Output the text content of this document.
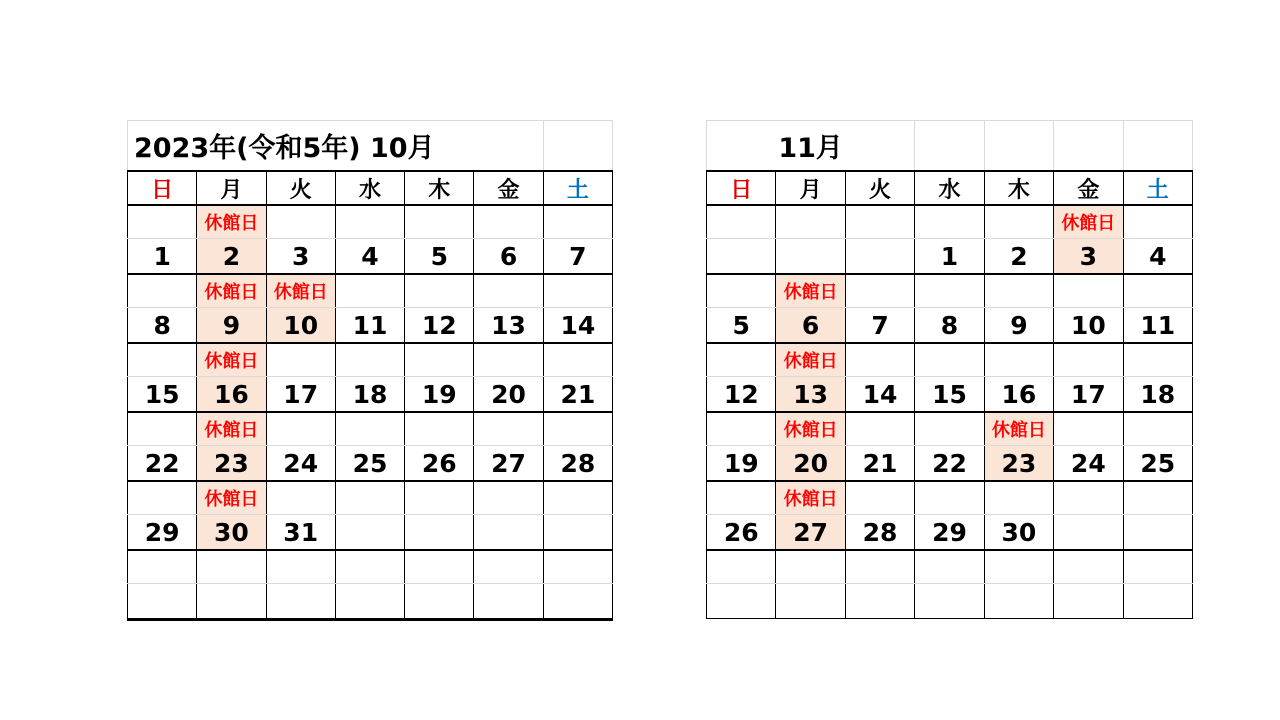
2023年(令和5年) 10月						
日	月	火	水	木	金	土
	休館日					
1	2	3	4	5	6	7
	休館日	休館日				
8	9	10	11	12	13	14
	休館日					
15	16	17	18	19	20	21
	休館日					
22	23	24	25	26	27	28
	休館日					
29	30	31				

11月						
日	月	火	水	木	金	土
					休館日	
			1	2	3	4
	休館日					
5	6	7	8	9	10	11
	休館日					
12	13	14	15	16	17	18
	休館日			休館日		
19	20	21	22	23	24	25
	休館日					
26	27	28	29	30		
